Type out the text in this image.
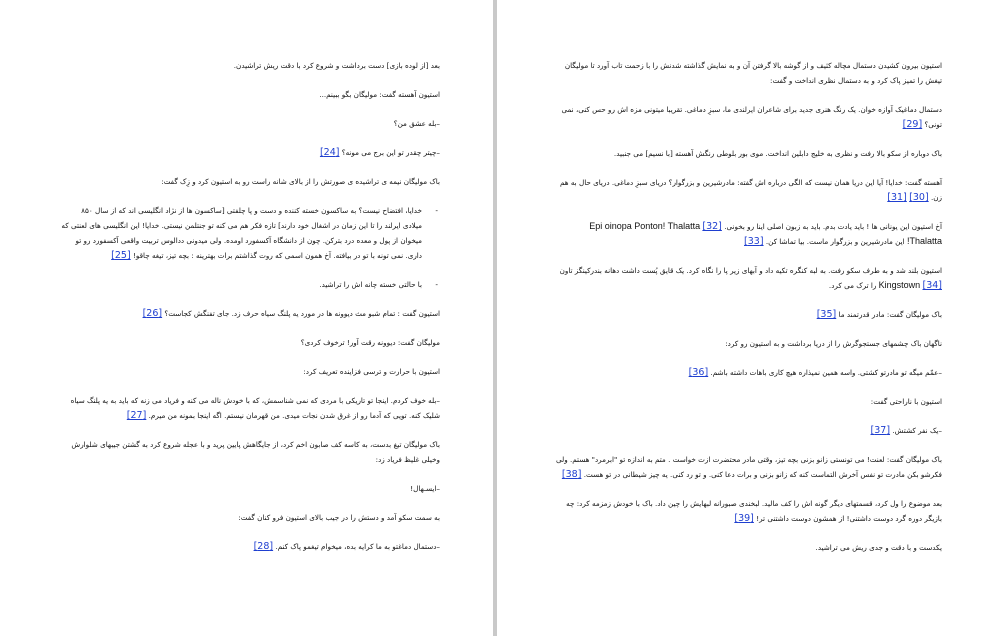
بعد [از لوده بازی] دست برداشت و شروع کرد با دقت ریش تراشیدن.

استیون آهسته گفت: مولیگان بگو ببینم...

–بله عشق من؟

–چیتر چقدر تو این برج می مونه؟ [24]

باک مولیگان نیمه ی تراشیده ی صورتش را از بالای شانه راست رو به استیون کرد و زِک گفت:

- خدایا، افتضاح نیست؟ به ساکسون خسته کننده و دست و پا چلفتی [ساکسون ها از نژاد انگلیسی اند که از سال ۸۵۰ میلادی ایرلند را تا این زمان در اشغال خود دارند] تازه فکر هم می کنه تو جنتلمن نیستی. خدایا! این انگلیسی های لعنتی که میخوان از پول و معده درد بترکن. چون از دانشگاه آکسفورد اومده. ولی میدونی ددالوس تربیت واقعی آکسفورد رو تو داری. نمی تونه با تو در بیافته. آخ همون اسمی که روت گذاشتم برات بهترینه : بچه تیز، تیغه چاقو! [25]

- با حالتی خسته چانه اش را تراشید.

استیون گفت : تمام شبو مث دیوونه ها در مورد یه پلنگ سیاه حرف زد. جای تفنگش کجاست؟ [26]

مولیگان گفت: دیوونه رقت آور! ترخوف کردی؟

استیون با حرارت و ترسی فزاینده تعریف کرد:

–بله خوف کردم. اینجا تو تاریکی با مردی که نمی شناسمش، که با خودش ناله می کنه و فریاد می زنه که باید به یه پلنگ سیاه شلیک کنه. تویی که آدما رو از غرق شدن نجات میدی. من قهرمان نیستم. اگه اینجا بمونه من میرم. [27]

باک مولیگان تیغ بدست، به کاسه کف صابون اخم کرد، از جایگاهش پایین پرید و با عجله شروع کرد به گشتن جیبهای شلوارش وخیلی غلیظ فریاد زد:

–ایسـهال!

به سمت سکو آمد و دستش را در جیب بالای استیون فرو کنان گفت:

–دستمال دماغتو به ما کرایه بده، میخوام تیغمو پاک کنم. [28]

استیون بیرون کشیدن دستمال مچاله کثیف و از گوشه بالا گرفتن آن و به نمایش گذاشته شدنش را با زحمت تاب آورد تا مولیگان تیغش را تمیز پاک کرد و به دستمال نظری انداخت و گفت:

دستمال دماغیک آوازه خوان. یک رنگ هنری جدید برای شاعران ایرلندی ما، سبزِ دماغی. تقریبا میتونی مزه اش رو حس کنی، نمی تونی؟ [29]

باک دوباره از سکو بالا رفت و نظری به خلیج دابلین انداخت. موی بور بلوطی رنگش آهسته [با نسیم] می جنبید.

آهسته گفت: خدایا! آیا این دریا همان نیست که الگی درباره اش گفته: مادرشیرین و بزرگوار؟ دریای سبزِ دماغی. دریای حال به هم زن. [30] [31]

آخ استیون این یونانی ها ! باید یادت بدم. باید به زبون اصلی اینا رو بخونی. Epi oinopa Ponton! Thalatta [32] Thalatta! این مادرشیرین و بزرگوار ماست. بیا تماشا کن. [33]

استیون بلند شد و به طرف سکو رفت. به لبه کنگره تکیه داد و آبهای زیر پا را نگاه کرد. یک قایق پُست داشت دهانه بندرکینگز تاون Kingstown [34] را ترک می کرد.

باک مولیگان گفت: مادر قدرتمند ما [35]

ناگهان باک چشمهای جستجوگرش را از دریا برداشت و به استیون رو کرد:

–عمّم میگه تو مادرتو کشتی. واسه همین نمیذاره هیچ کاری باهات داشته باشم. [36]

استیون با ناراحتی گفت:

–یک نفر کشتش. [37]

باک مولیگان گفت: لعنت! می تونستی زانو بزنی بچه تیز، وقتی مادر محتضرت ازت خواست . متم به اندازه تو "ابرمرد" هستم. ولی فکرشو بکن مادرت تو نفس آخرش التماست کنه که زانو بزنی و برات دعا کنی. و تو رد کنی. یه چیز شیطانی در تو هست. [38]

بعد موضوع را ول کرد، قسمتهای دیگر گونه اش را کف مالید. لبخندی صبورانه لبهایش را چین داد. باک با خودش زمزمه کرد: چه بازیگر دوره گرد دوست داشتنی! از همشون دوست داشتنی تر! [39]

یکدست و با دقت و جدی ریش می تراشید.
